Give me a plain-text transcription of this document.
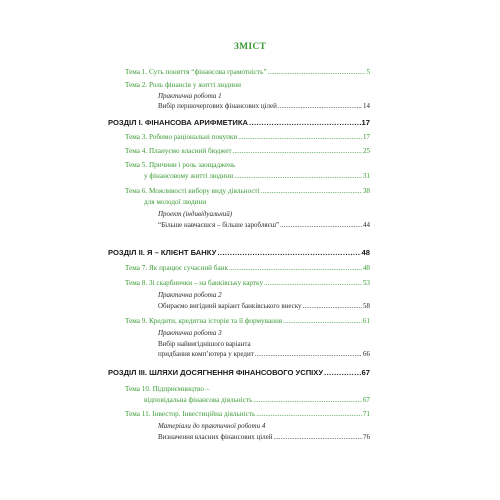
ЗМІСТ
Тема 1. Суть поняття “фінансова грамотність” .....	5
Тема 2. Роль фінансів у житті людини
Практична робота 1
Вибір першочергових фінансових цілей .....	14
РОЗДІЛ І. ФІНАНСОВА АРИФМЕТИКА .....	17
Тема 3. Робимо раціональні покупки .....	17
Тема 4. Плануємо власний бюджет .....	25
Тема 5. Причини і роль заощаджень
у фінансовому житті людини .....	31
Тема 6. Можливості вибору виду діяльності .....	38
для молодої людини
Проект (індивідуальний)
“Більше навчаєшся – більше заробляєш” .....	44
РОЗДІЛ ІІ. Я – КЛІЄНТ БАНКУ .....	48
Тема 7. Як працює сучасний банк .....	48
Тема 8. Зі скарбнички – на банківську картку .....	53
Практична робота 2
Обираємо вигідний варіант банківського внеску .....	58
Тема 9. Кредити, кредитна історія та її формування .....	61
Практична робота 3
Вибір найвигіднішого варіанта
придбання комп’ютера у кредит .....	66
РОЗДІЛ ІІІ. ШЛЯХИ ДОСЯГНЕННЯ ФІНАНСОВОГО УСПІХУ .....	67
Тема 10. Підприємництво –
відповідальна фінансова діяльність .....	67
Тема 11. Інвестор. Інвестиційна діяльність .....	71
Матеріали до практичної роботи 4
Визначення власних фінансових цілей .....	76
